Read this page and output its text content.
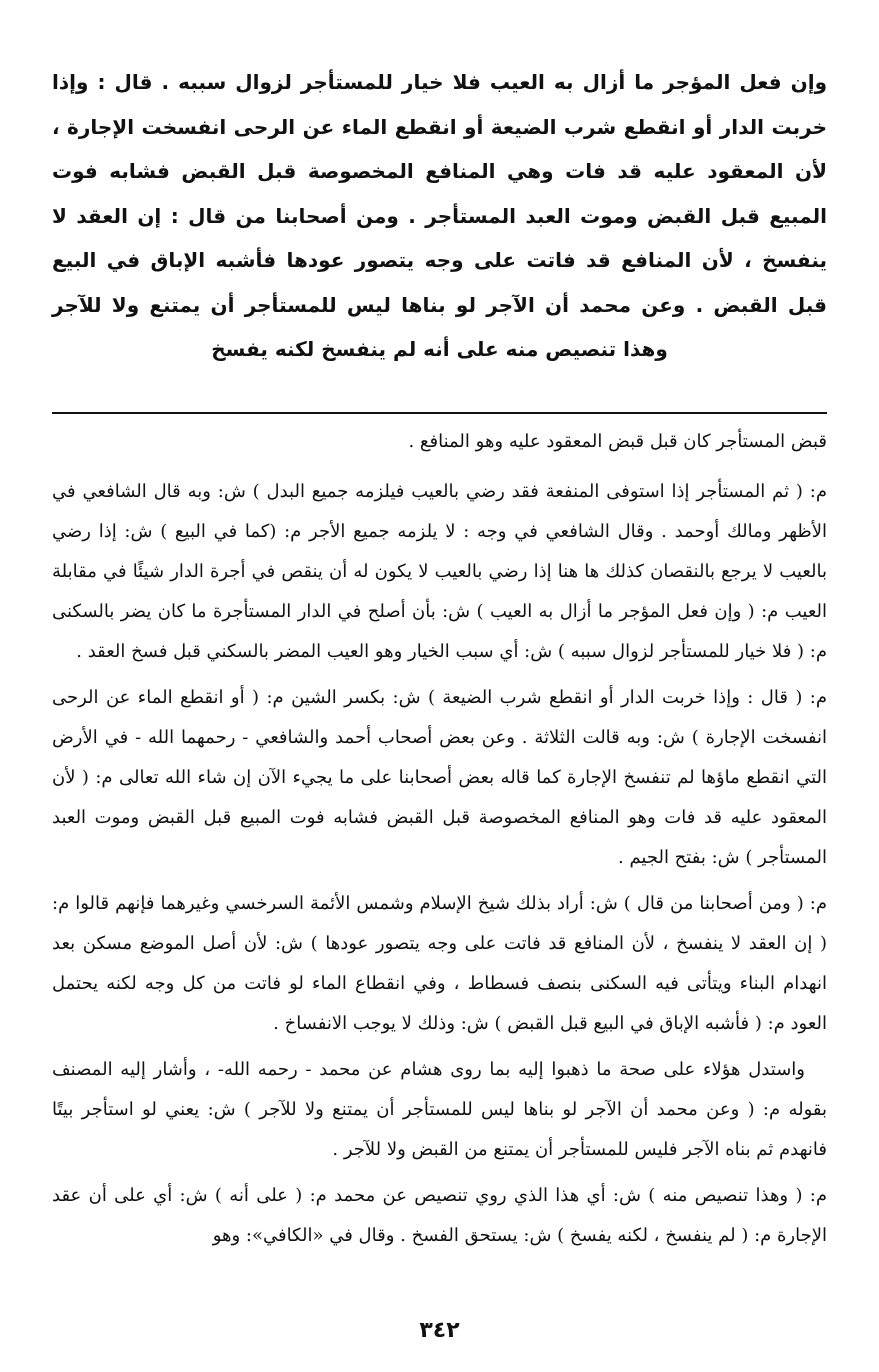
وإن فعل المؤجر ما أزال به العيب فلا خيار للمستأجر لزوال سببه . قال : وإذا خربت الدار أو انقطع شرب الضيعة أو انقطع الماء عن الرحى انفسخت الإجارة ، لأن المعقود عليه قد فات وهي المنافع المخصوصة قبل القبض فشابه فوت المبيع قبل القبض وموت العبد المستأجر . ومن أصحابنا من قال : إن العقد لا ينفسخ ، لأن المنافع قد فاتت على وجه يتصور عودها فأشبه الإباق في البيع قبل القبض . وعن محمد أن الآجر لو بناها ليس للمستأجر أن يمتنع ولا للآجر وهذا تنصيص منه على أنه لم ينفسخ لكنه يفسخ

قبض المستأجر كان قبل قبض المعقود عليه وهو المنافع .

م: ( ثم المستأجر إذا استوفى المنفعة فقد رضي بالعيب فيلزمه جميع البدل ) ش: وبه قال الشافعي في الأظهر ومالك أوحمد . وقال الشافعي في وجه : لا يلزمه جميع الأجر م: (كما في البيع ) ش: إذا رضي بالعيب لا يرجع بالنقصان كذلك ها هنا إذا رضي بالعيب لا يكون له أن ينقص في أجرة الدار شيئًا في مقابلة العيب م: ( وإن فعل المؤجر ما أزال به العيب ) ش: بأن أصلح في الدار المستأجرة ما كان يضر بالسكنى م: ( فلا خيار للمستأجر لزوال سببه ) ش: أي سبب الخيار وهو العيب المضر بالسكني قبل فسخ العقد .

م: ( قال : وإذا خربت الدار أو انقطع شرب الضيعة ) ش: بكسر الشين م: ( أو انقطع الماء عن الرحى انفسخت الإجارة ) ش: وبه قالت الثلاثة . وعن بعض أصحاب أحمد والشافعي - رحمهما الله - في الأرض التي انقطع ماؤها لم تنفسخ الإجارة كما قاله بعض أصحابنا على ما يجيء الآن إن شاء الله تعالى م: ( لأن المعقود عليه قد فات وهو المنافع المخصوصة قبل القبض فشابه فوت المبيع قبل القبض وموت العبد المستأجر ) ش: بفتح الجيم .

م: ( ومن أصحابنا من قال ) ش: أراد بذلك شيخ الإسلام وشمس الأئمة السرخسي وغيرهما فإنهم قالوا م: ( إن العقد لا ينفسخ ، لأن المنافع قد فاتت على وجه يتصور عودها ) ش: لأن أصل الموضع مسكن بعد انهدام البناء ويتأتى فيه السكنى بنصف فسطاط ، وفي انقطاع الماء لو فاتت من كل وجه لكنه يحتمل العود م: ( فأشبه الإباق في البيع قبل القبض ) ش: وذلك لا يوجب الانفساخ .

واستدل هؤلاء على صحة ما ذهبوا إليه بما روى هشام عن محمد - رحمه الله- ، وأشار إليه المصنف بقوله م: ( وعن محمد أن الآجر لو بناها ليس للمستأجر أن يمتنع ولا للآجر ) ش: يعني لو استأجر بيتًا فانهدم ثم بناه الآجر فليس للمستأجر أن يمتنع من القبض ولا للآجر .

م: ( وهذا تنصيص منه ) ش: أي هذا الذي روي تنصيص عن محمد م: ( على أنه ) ش: أي على أن عقد الإجارة م: ( لم ينفسخ ، لكنه يفسخ ) ش: يستحق الفسخ . وقال في «الكافي»: وهو

٣٤٢
